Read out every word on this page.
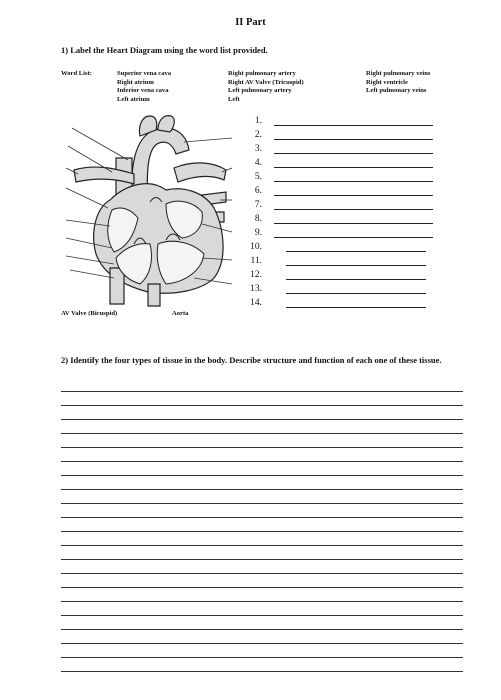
II Part
1) Label the Heart Diagram using the word list provided.
Word List:	Superior vena cava
Right atrium
Inferior vena cava
Left atrium
Right pulmonary artery
Right AV Valve (Tricuspid)
Left pulmonary artery
Left
Right pulmonary veins
Right ventricle
Left pulmonary veins
1.
2.
3.
4.
5.
6.
7.
8.
9.
10.
11.
12.
13.
14.
AV Valve (Bicuspid)	Aorta
2) Identify the four types of tissue in the body. Describe structure and function of each one of these tissue.
